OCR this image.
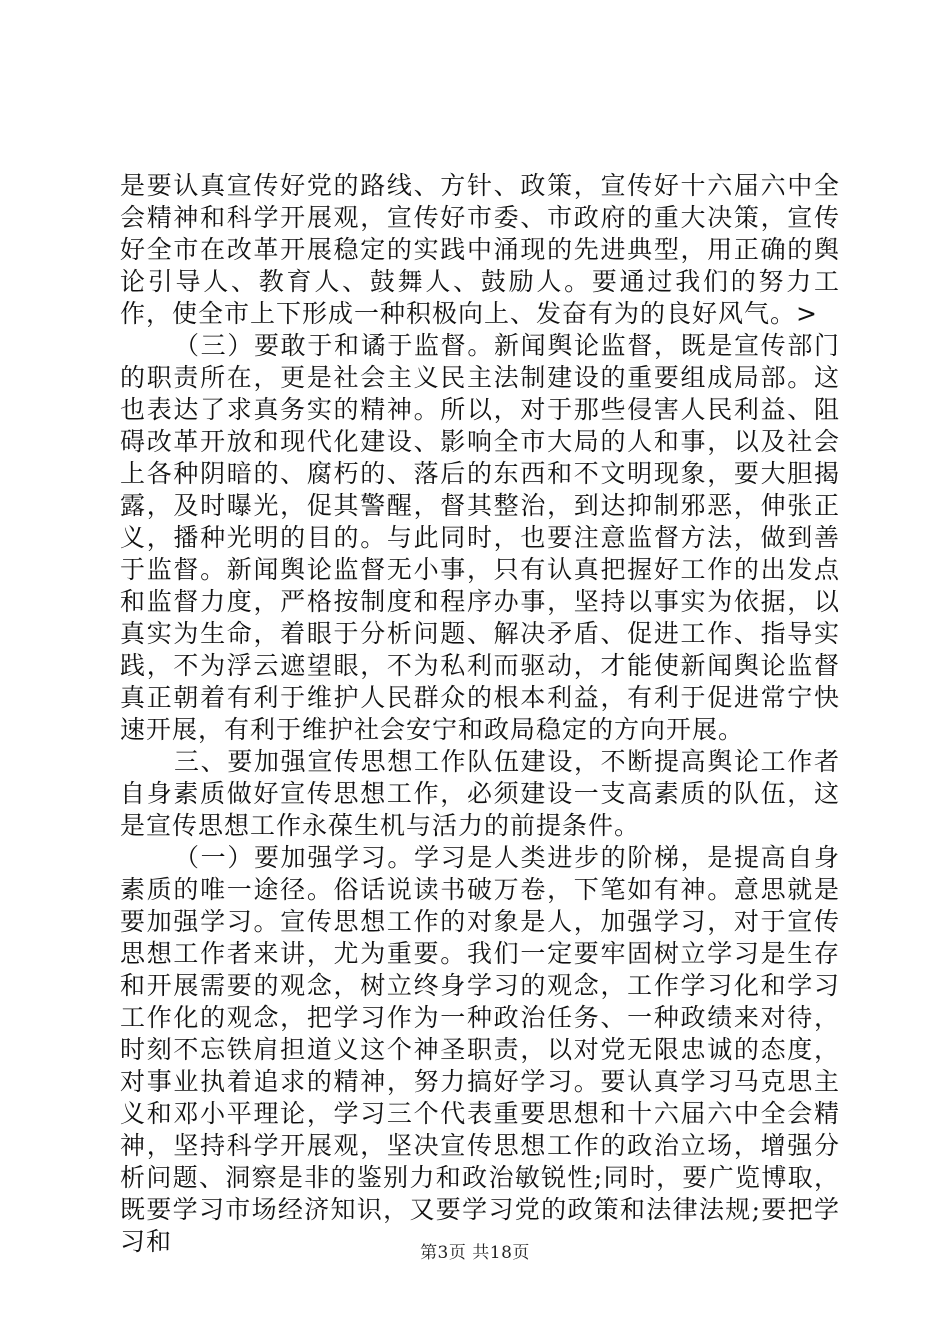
是要认真宣传好党的路线、方针、政策，宣传好十六届六中全会精神和科学开展观，宣传好市委、市政府的重大决策，宣传好全市在改革开展稳定的实践中涌现的先进典型，用正确的舆论引导人、教育人、鼓舞人、鼓励人。要通过我们的努力工作，使全市上下形成一种积极向上、发奋有为的良好风气。>

（三）要敢于和谲于监督。新闻舆论监督，既是宣传部门的职责所在，更是社会主义民主法制建设的重要组成局部。这也表达了求真务实的精神。所以，对于那些侵害人民利益、阻碍改革开放和现代化建设、影响全市大局的人和事，以及社会上各种阴暗的、腐朽的、落后的东西和不文明现象，要大胆揭露，及时曝光，促其警醒，督其整治，到达抑制邪恶，伸张正义，播种光明的目的。与此同时，也要注意监督方法，做到善于监督。新闻舆论监督无小事，只有认真把握好工作的出发点和监督力度，严格按制度和程序办事，坚持以事实为依据，以真实为生命，着眼于分析问题、解决矛盾、促进工作、指导实践，不为浮云遮望眼，不为私利而驱动，才能使新闻舆论监督真正朝着有利于维护人民群众的根本利益，有利于促进常宁快速开展，有利于维护社会安宁和政局稳定的方向开展。

三、要加强宣传思想工作队伍建设，不断提高舆论工作者自身素质做好宣传思想工作，必须建设一支高素质的队伍，这是宣传思想工作永葆生机与活力的前提条件。

（一）要加强学习。学习是人类进步的阶梯，是提高自身素质的唯一途径。俗话说读书破万卷，下笔如有神。意思就是要加强学习。宣传思想工作的对象是人，加强学习，对于宣传思想工作者来讲，尤为重要。我们一定要牢固树立学习是生存和开展需要的观念，树立终身学习的观念，工作学习化和学习工作化的观念，把学习作为一种政治任务、一种政绩来对待，时刻不忘铁肩担道义这个神圣职责，以对党无限忠诚的态度，对事业执着追求的精神，努力搞好学习。要认真学习马克思主义和邓小平理论，学习三个代表重要思想和十六届六中全会精神，坚持科学开展观，坚决宣传思想工作的政治立场，增强分析问题、洞察是非的鉴别力和政治敏锐性;同时，要广览博取，既要学习市场经济知识，又要学习党的政策和法律法规;要把学习和	第3页 共18页
